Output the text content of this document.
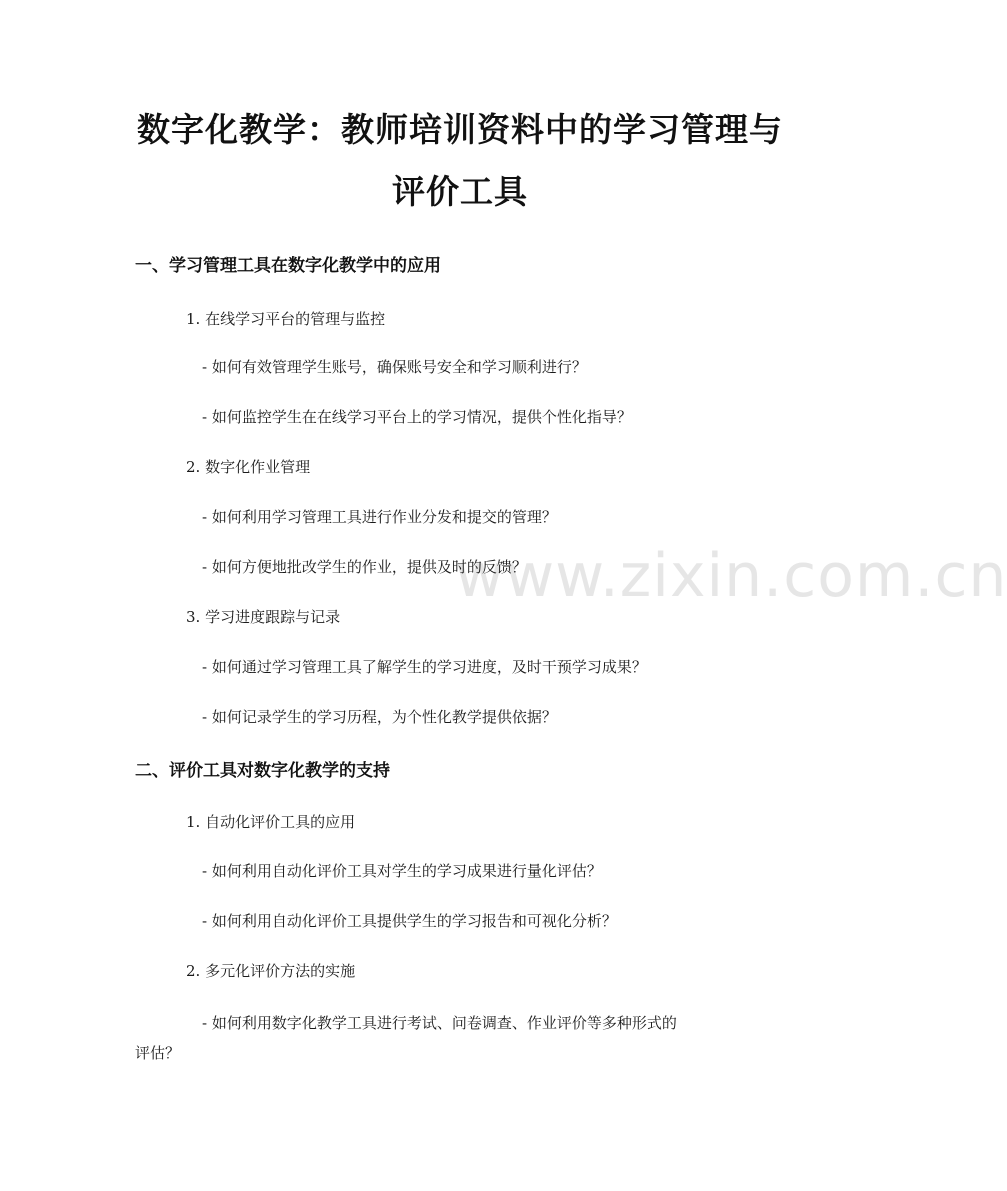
www.zixin.com.cn
数字化教学：教师培训资料中的学习管理与
评价工具
一、学习管理工具在数字化教学中的应用
1. 在线学习平台的管理与监控
- 如何有效管理学生账号，确保账号安全和学习顺利进行？
- 如何监控学生在在线学习平台上的学习情况，提供个性化指导？
2. 数字化作业管理
- 如何利用学习管理工具进行作业分发和提交的管理？
- 如何方便地批改学生的作业，提供及时的反馈？
3. 学习进度跟踪与记录
- 如何通过学习管理工具了解学生的学习进度，及时干预学习成果？
- 如何记录学生的学习历程，为个性化教学提供依据？
二、评价工具对数字化教学的支持
1. 自动化评价工具的应用
- 如何利用自动化评价工具对学生的学习成果进行量化评估？
- 如何利用自动化评价工具提供学生的学习报告和可视化分析？
2. 多元化评价方法的实施
- 如何利用数字化教学工具进行考试、问卷调查、作业评价等多种形式的
评估？
